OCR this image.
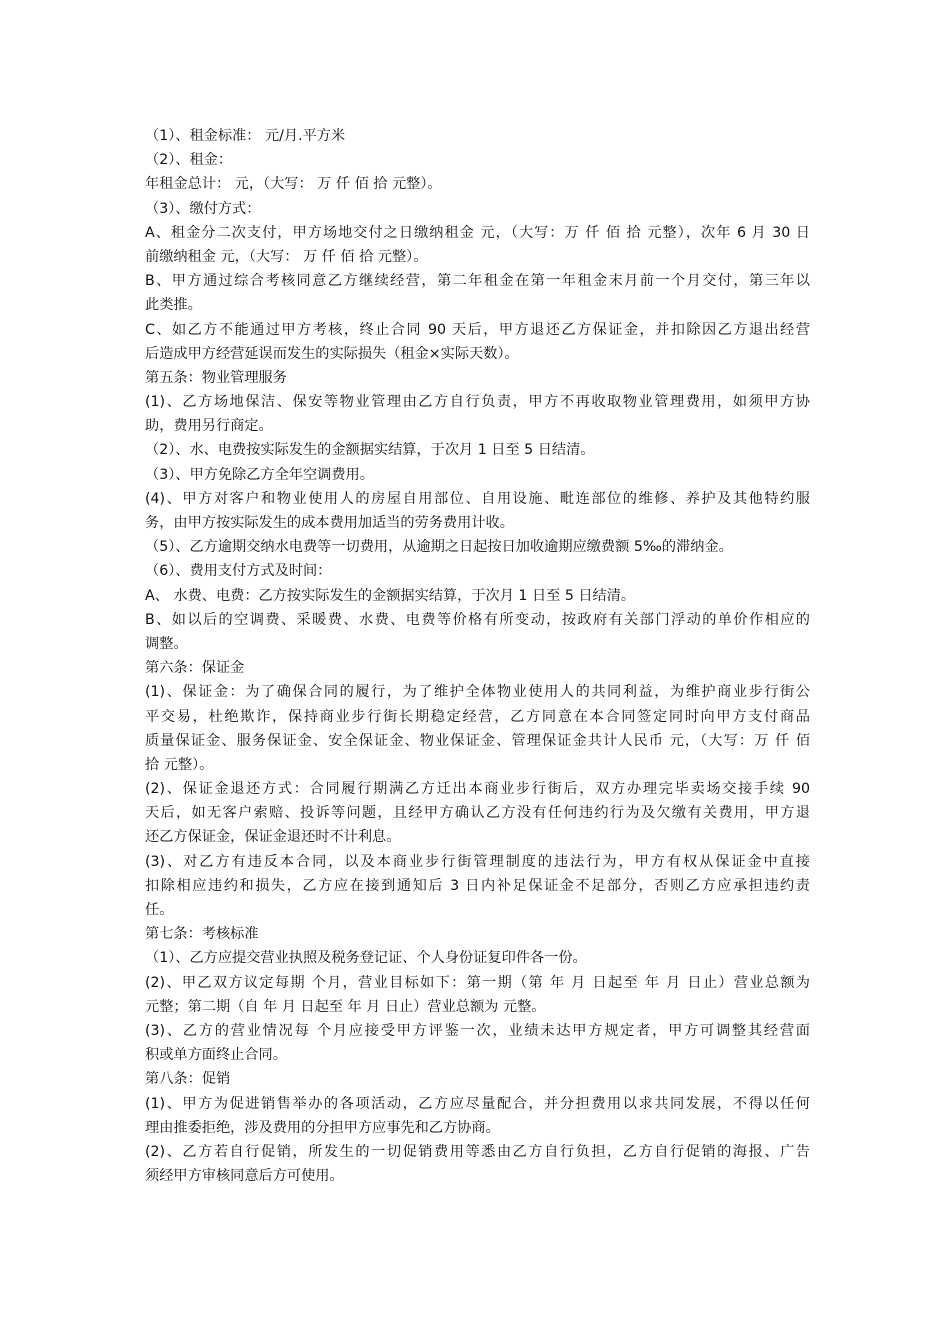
（1）、租金标准： 元/月.平方米
（2）、租金：
年租金总计： 元，（大写： 万 仟 佰 拾 元整）。
（3）、缴付方式：
A、租金分二次支付，甲方场地交付之日缴纳租金 元，（大写：万 仟 佰 拾 元整），次年 6 月 30 日
前缴纳租金 元，（大写： 万 仟 佰 拾 元整）。
B、甲方通过综合考核同意乙方继续经营，第二年租金在第一年租金末月前一个月交付，第三年以
此类推。
C、如乙方不能通过甲方考核，终止合同 90 天后，甲方退还乙方保证金，并扣除因乙方退出经营
后造成甲方经营延误而发生的实际损失（租金×实际天数）。
第五条：物业管理服务
(1)、乙方场地保洁、保安等物业管理由乙方自行负责，甲方不再收取物业管理费用，如须甲方协
助，费用另行商定。
（2）、水、电费按实际发生的金额据实结算，于次月 1 日至 5 日结清。
（3）、甲方免除乙方全年空调费用。
(4)、甲方对客户和物业使用人的房屋自用部位、自用设施、毗连部位的维修、养护及其他特约服
务，由甲方按实际发生的成本费用加适当的劳务费用计收。
（5）、乙方逾期交纳水电费等一切费用，从逾期之日起按日加收逾期应缴费额 5‰的滞纳金。
（6）、费用支付方式及时间：
A、 水费、电费：乙方按实际发生的金额据实结算，于次月 1 日至 5 日结清。
B、如以后的空调费、采暖费、水费、电费等价格有所变动，按政府有关部门浮动的单价作相应的
调整。
第六条：保证金
(1)、保证金：为了确保合同的履行，为了维护全体物业使用人的共同利益，为维护商业步行街公
平交易，杜绝欺诈，保持商业步行街长期稳定经营，乙方同意在本合同签定同时向甲方支付商品
质量保证金、服务保证金、安全保证金、物业保证金、管理保证金共计人民币 元，（大写：万 仟 佰
拾 元整）。
(2)、保证金退还方式：合同履行期满乙方迁出本商业步行街后，双方办理完毕卖场交接手续 90
天后，如无客户索赔、投诉等问题，且经甲方确认乙方没有任何违约行为及欠缴有关费用，甲方退
还乙方保证金，保证金退还时不计利息。
(3)、对乙方有违反本合同，以及本商业步行街管理制度的违法行为，甲方有权从保证金中直接
扣除相应违约和损失，乙方应在接到通知后 3 日内补足保证金不足部分，否则乙方应承担违约责
任。
第七条：考核标准
（1）、乙方应提交营业执照及税务登记证、个人身份证复印件各一份。
(2)、甲乙双方议定每期 个月，营业目标如下：第一期（第 年 月 日起至 年 月 日止）营业总额为
元整；第二期（自 年 月 日起至 年 月 日止）营业总额为 元整。
(3)、乙方的营业情况每 个月应接受甲方评鉴一次，业绩未达甲方规定者，甲方可调整其经营面
积或单方面终止合同。
第八条：促销
(1)、甲方为促进销售举办的各项活动，乙方应尽量配合，并分担费用以求共同发展，不得以任何
理由推委拒绝，涉及费用的分担甲方应事先和乙方协商。
(2)、乙方若自行促销，所发生的一切促销费用等悉由乙方自行负担，乙方自行促销的海报、广告
须经甲方审核同意后方可使用。
